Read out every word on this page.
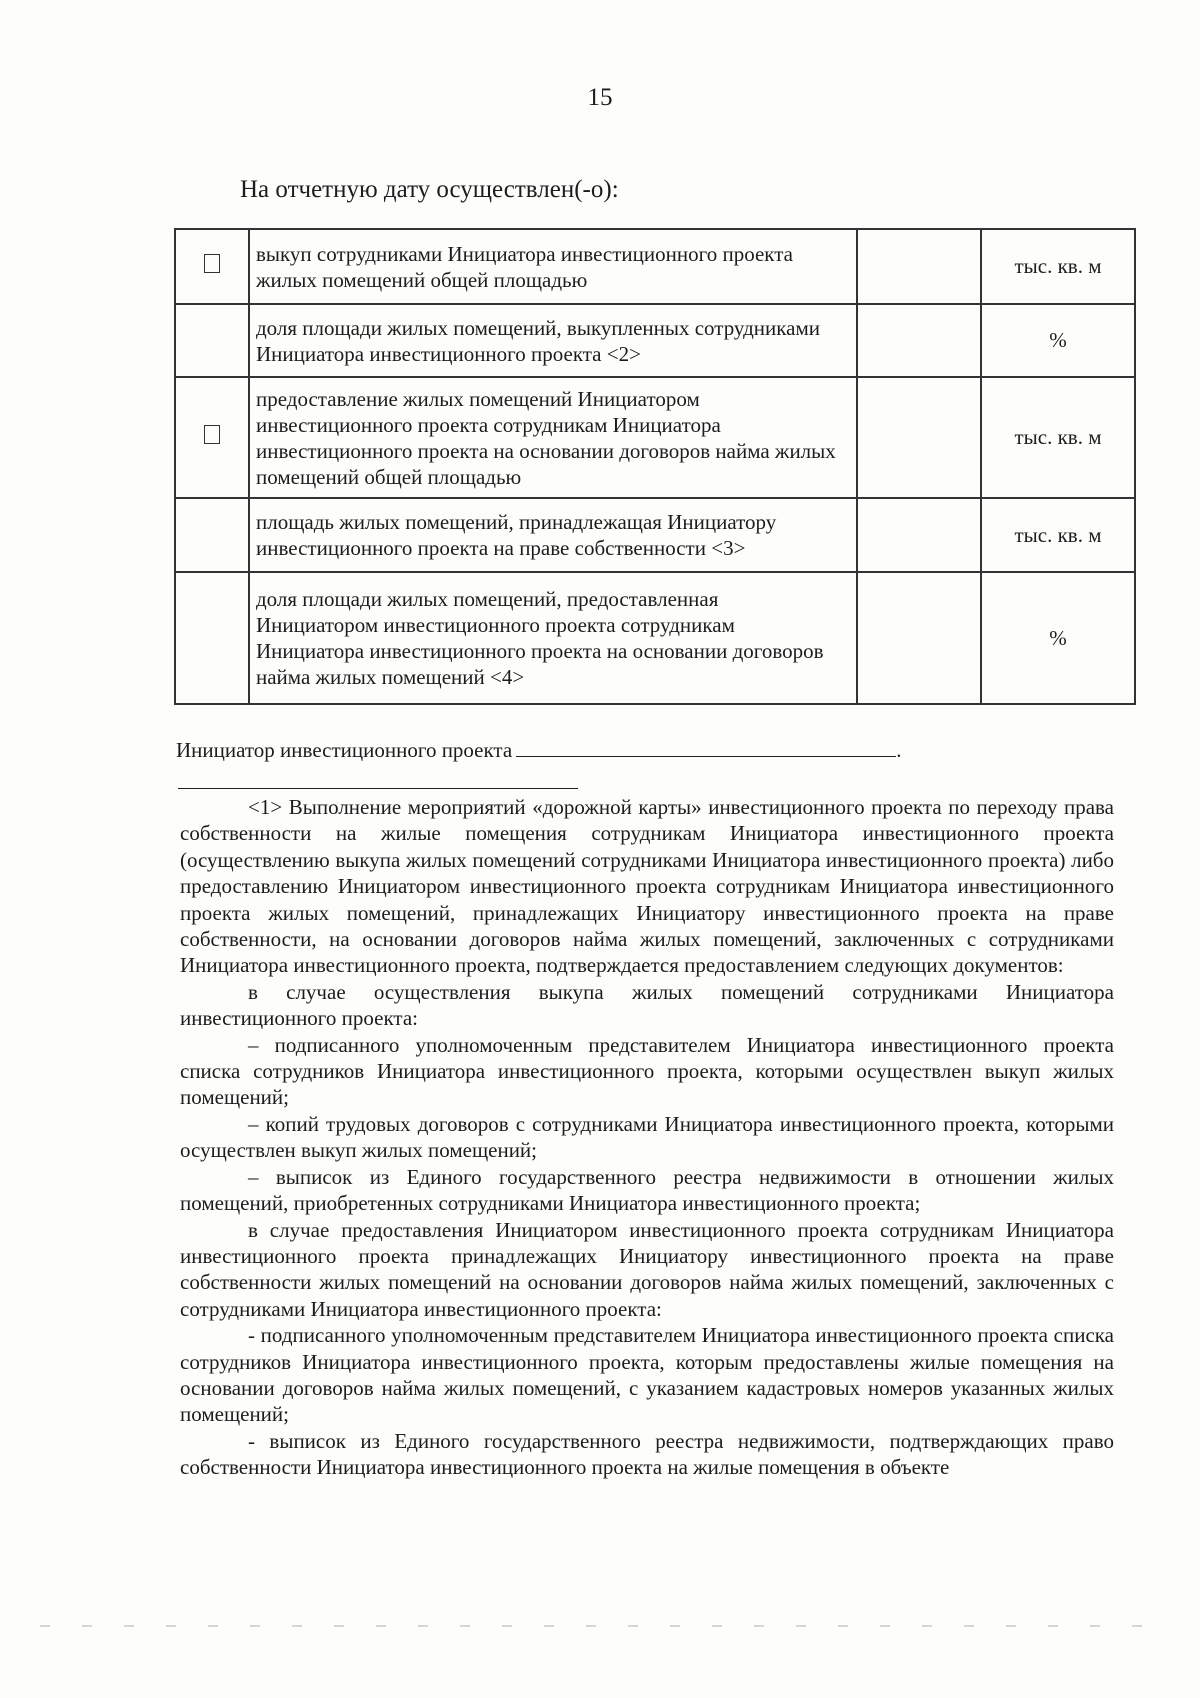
15
На отчетную дату осуществлен(-о):
	выкуп сотрудниками Инициатора инвестиционного проекта жилых помещений общей площадью		тыс. кв. м
	доля площади жилых помещений, выкупленных сотрудниками Инициатора инвестиционного проекта <2>		%
	предоставление жилых помещений Инициатором инвестиционного проекта сотрудникам Инициатора инвестиционного проекта на основании договоров найма жилых помещений общей площадью		тыс. кв. м
	площадь жилых помещений, принадлежащая Инициатору инвестиционного проекта на праве собственности <3>		тыс. кв. м
	доля площади жилых помещений, предоставленная Инициатором инвестиционного проекта сотрудникам Инициатора инвестиционного проекта на основании договоров найма жилых помещений <4>		%
Инициатор инвестиционного проекта	.

<1> Выполнение мероприятий «дорожной карты» инвестиционного проекта по переходу права собственности на жилые помещения сотрудникам Инициатора инвестиционного проекта (осуществлению выкупа жилых помещений сотрудниками Инициатора инвестиционного проекта) либо предоставлению Инициатором инвестиционного проекта сотрудникам Инициатора инвестиционного проекта жилых помещений, принадлежащих Инициатору инвестиционного проекта на праве собственности, на основании договоров найма жилых помещений, заключенных с сотрудниками Инициатора инвестиционного проекта, подтверждается предоставлением следующих документов:

в случае осуществления выкупа жилых помещений сотрудниками Инициатора инвестиционного проекта:

– подписанного уполномоченным представителем Инициатора инвестиционного проекта списка сотрудников Инициатора инвестиционного проекта, которыми осуществлен выкуп жилых помещений;

– копий трудовых договоров с сотрудниками Инициатора инвестиционного проекта, которыми осуществлен выкуп жилых помещений;

– выписок из Единого государственного реестра недвижимости в отношении жилых помещений, приобретенных сотрудниками Инициатора инвестиционного проекта;

в случае предоставления Инициатором инвестиционного проекта сотрудникам Инициатора инвестиционного проекта принадлежащих Инициатору инвестиционного проекта на праве собственности жилых помещений на основании договоров найма жилых помещений, заключенных с сотрудниками Инициатора инвестиционного проекта:

- подписанного уполномоченным представителем Инициатора инвестиционного проекта списка сотрудников Инициатора инвестиционного проекта, которым предоставлены жилые помещения на основании договоров найма жилых помещений, с указанием кадастровых номеров указанных жилых помещений;

- выписок из Единого государственного реестра недвижимости, подтверждающих право собственности Инициатора инвестиционного проекта на жилые помещения в объекте
